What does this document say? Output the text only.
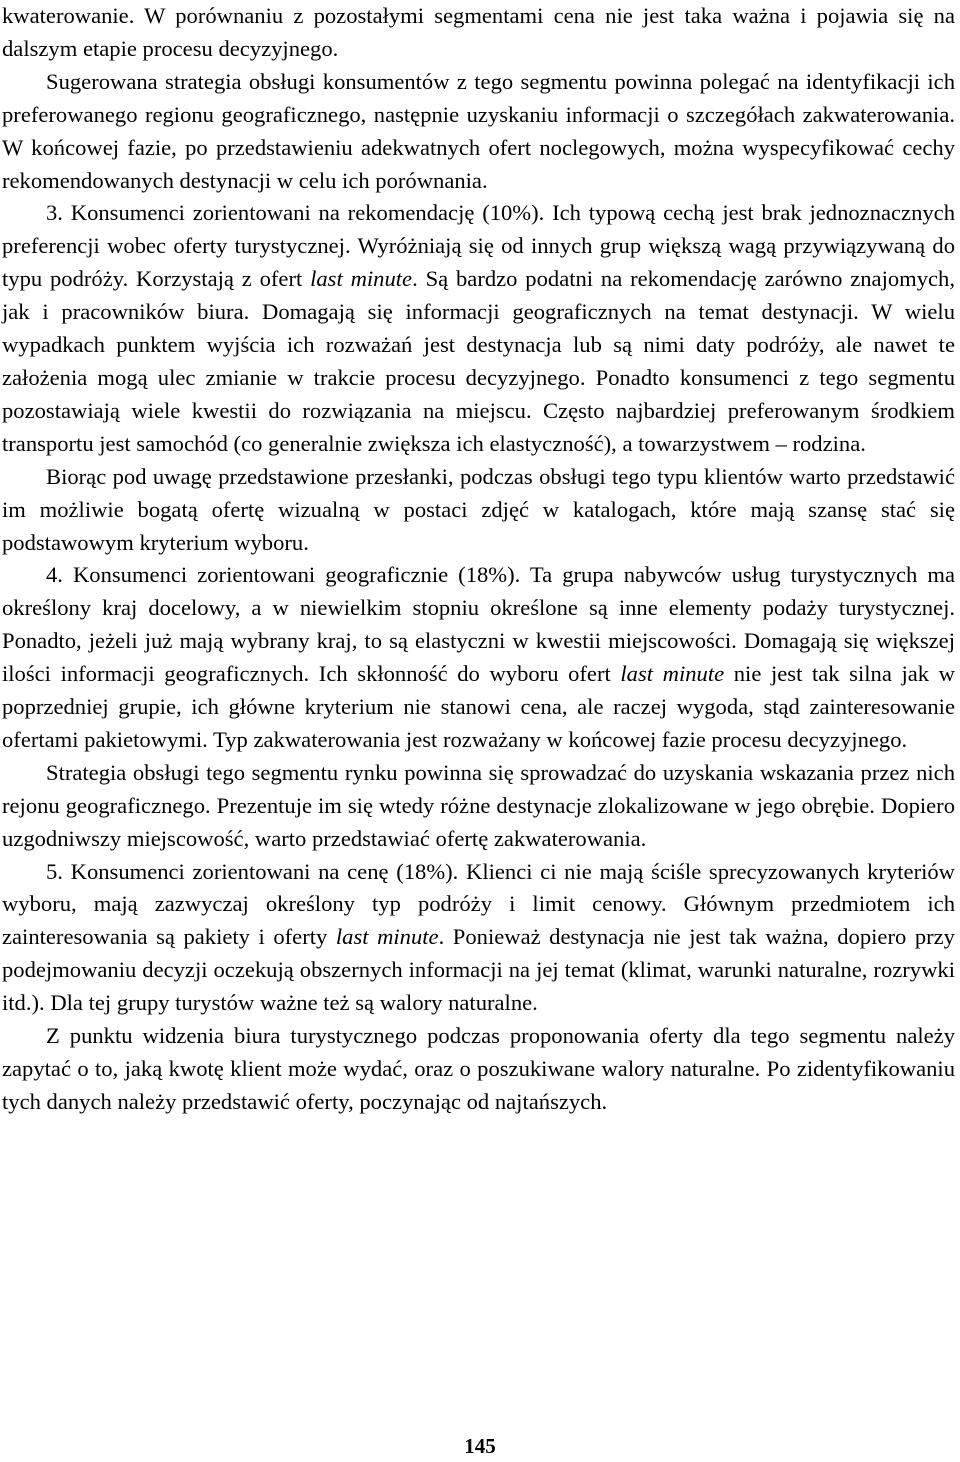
kwaterowanie. W porównaniu z pozostałymi segmentami cena nie jest taka ważna i pojawia się na dalszym etapie procesu decyzyjnego.

Sugerowana strategia obsługi konsumentów z tego segmentu powinna polegać na identyfikacji ich preferowanego regionu geograficznego, następnie uzyskaniu informacji o szczegółach zakwaterowania. W końcowej fazie, po przedstawieniu adekwatnych ofert noclegowych, można wyspecyfikować cechy rekomendowanych destynacji w celu ich porównania.

3. Konsumenci zorientowani na rekomendację (10%). Ich typową cechą jest brak jednoznacznych preferencji wobec oferty turystycznej. Wyróżniają się od innych grup większą wagą przywiązywaną do typu podróży. Korzystają z ofert last minute. Są bardzo podatni na rekomendację zarówno znajomych, jak i pracowników biura. Domagają się informacji geograficznych na temat destynacji. W wielu wypadkach punktem wyjścia ich rozważań jest destynacja lub są nimi daty podróży, ale nawet te założenia mogą ulec zmianie w trakcie procesu decyzyjnego. Ponadto konsumenci z tego segmentu pozostawiają wiele kwestii do rozwiązania na miejscu. Często najbardziej preferowanym środkiem transportu jest samochód (co generalnie zwiększa ich elastyczność), a towarzystwem – rodzina.

Biorąc pod uwagę przedstawione przesłanki, podczas obsługi tego typu klientów warto przedstawić im możliwie bogatą ofertę wizualną w postaci zdjęć w katalogach, które mają szansę stać się podstawowym kryterium wyboru.

4. Konsumenci zorientowani geograficznie (18%). Ta grupa nabywców usług turystycznych ma określony kraj docelowy, a w niewielkim stopniu określone są inne elementy podaży turystycznej. Ponadto, jeżeli już mają wybrany kraj, to są elastyczni w kwestii miejscowości. Domagają się większej ilości informacji geograficznych. Ich skłonność do wyboru ofert last minute nie jest tak silna jak w poprzedniej grupie, ich główne kryterium nie stanowi cena, ale raczej wygoda, stąd zainteresowanie ofertami pakietowymi. Typ zakwaterowania jest rozważany w końcowej fazie procesu decyzyjnego.

Strategia obsługi tego segmentu rynku powinna się sprowadzać do uzyskania wskazania przez nich rejonu geograficznego. Prezentuje im się wtedy różne destynacje zlokalizowane w jego obrębie. Dopiero uzgodniwszy miejscowość, warto przedstawiać ofertę zakwaterowania.

5. Konsumenci zorientowani na cenę (18%). Klienci ci nie mają ściśle sprecyzowanych kryteriów wyboru, mają zazwyczaj określony typ podróży i limit cenowy. Głównym przedmiotem ich zainteresowania są pakiety i oferty last minute. Ponieważ destynacja nie jest tak ważna, dopiero przy podejmowaniu decyzji oczekują obszernych informacji na jej temat (klimat, warunki naturalne, rozrywki itd.). Dla tej grupy turystów ważne też są walory naturalne.

Z punktu widzenia biura turystycznego podczas proponowania oferty dla tego segmentu należy zapytać o to, jaką kwotę klient może wydać, oraz o poszukiwane walory naturalne. Po zidentyfikowaniu tych danych należy przedstawić oferty, poczynając od najtańszych.

145
